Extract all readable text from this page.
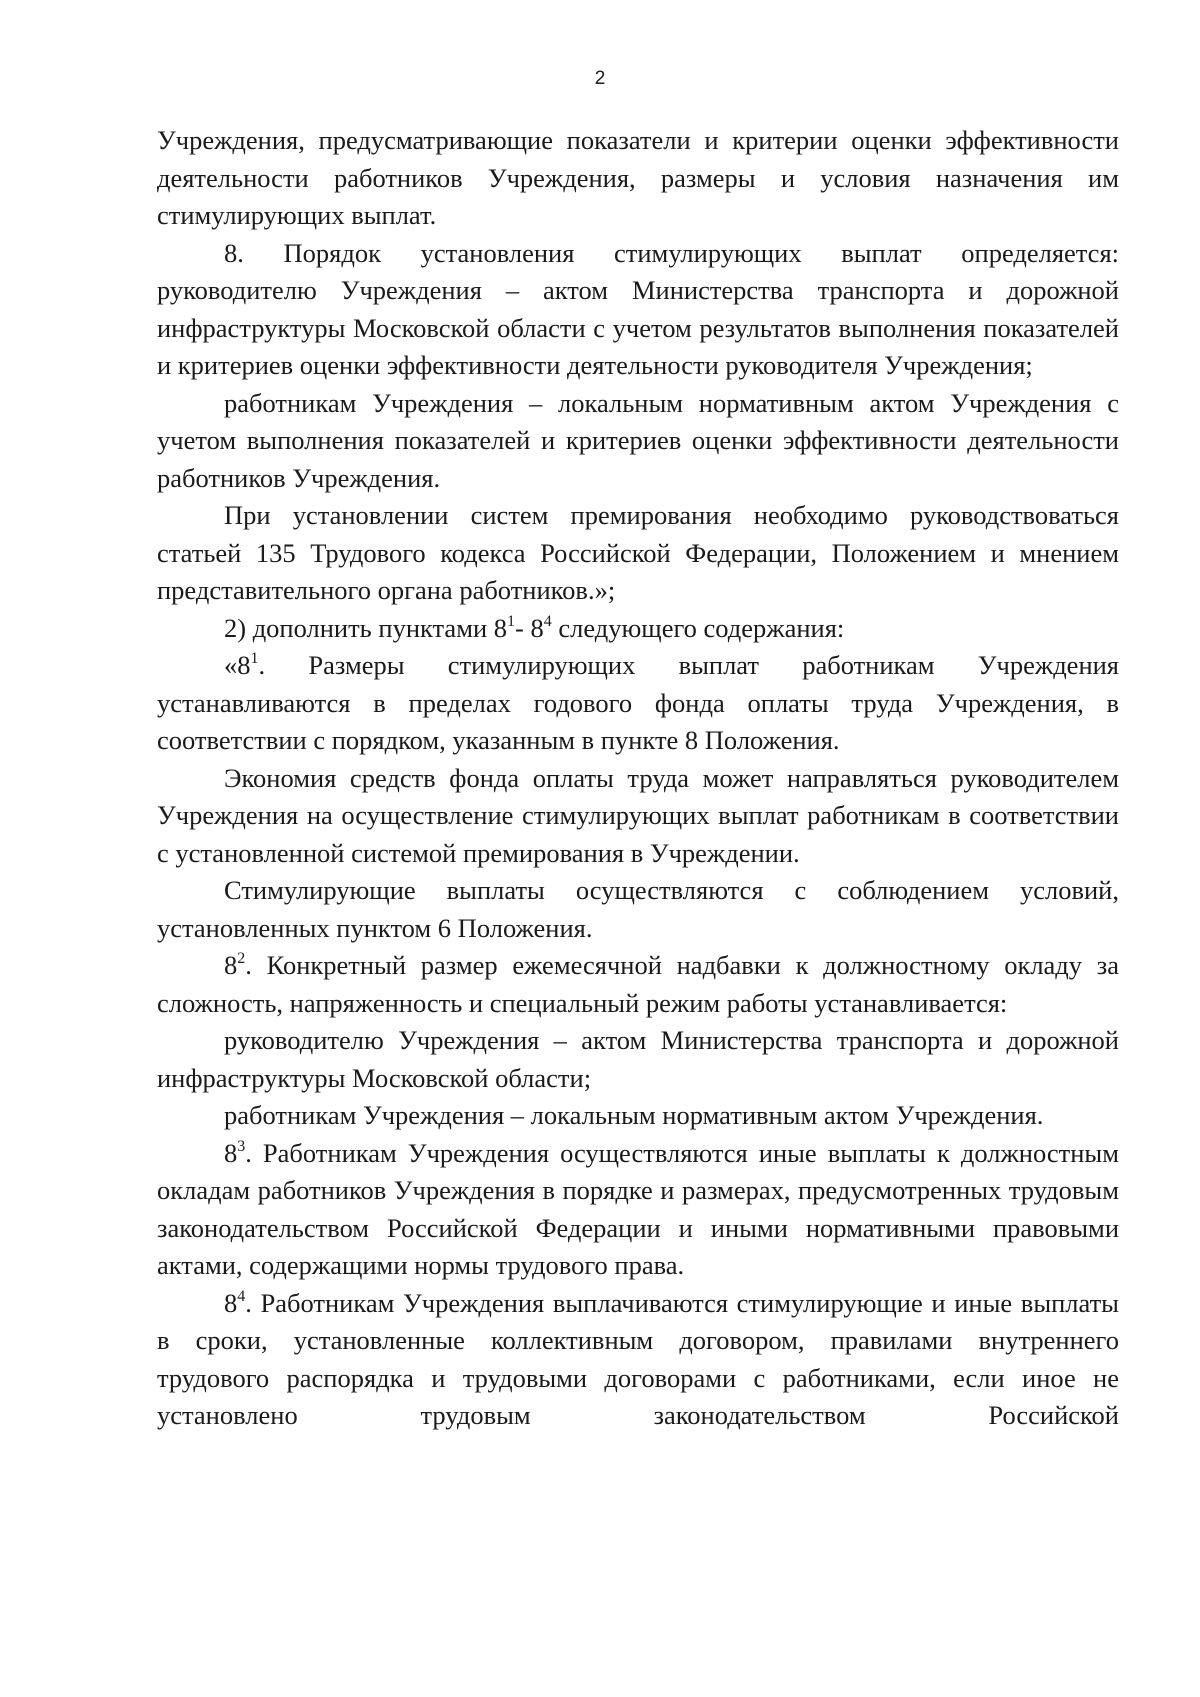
2

Учреждения, предусматривающие показатели и критерии оценки эффективности деятельности работников Учреждения, размеры и условия назначения им стимулирующих выплат.

8. Порядок установления стимулирующих выплат определяется: руководителю Учреждения – актом Министерства транспорта и дорожной инфраструктуры Московской области с учетом результатов выполнения показателей и критериев оценки эффективности деятельности руководителя Учреждения;

работникам Учреждения – локальным нормативным актом Учреждения с учетом выполнения показателей и критериев оценки эффективности деятельности работников Учреждения.

При установлении систем премирования необходимо руководствоваться статьей 135 Трудового кодекса Российской Федерации, Положением и мнением представительного органа работников.»;

2) дополнить пунктами $8^1-$ $8^4$ следующего содержания:

«$8^1$. Размеры стимулирующих выплат работникам Учреждения устанавливаются в пределах годового фонда оплаты труда Учреждения, в соответствии с порядком, указанным в пункте 8 Положения.

Экономия средств фонда оплаты труда может направляться руководителем Учреждения на осуществление стимулирующих выплат работникам в соответствии с установленной системой премирования в Учреждении.

Стимулирующие выплаты осуществляются с соблюдением условий, установленных пунктом 6 Положения.

$8^2$. Конкретный размер ежемесячной надбавки к должностному окладу за сложность, напряженность и специальный режим работы устанавливается:

руководителю Учреждения – актом Министерства транспорта и дорожной инфраструктуры Московской области;

работникам Учреждения – локальным нормативным актом Учреждения.

$8^3$. Работникам Учреждения осуществляются иные выплаты к должностным окладам работников Учреждения в порядке и размерах, предусмотренных трудовым законодательством Российской Федерации и иными нормативными правовыми актами, содержащими нормы трудового права.

$8^4$. Работникам Учреждения выплачиваются стимулирующие и иные выплаты в сроки, установленные коллективным договором, правилами внутреннего трудового распорядка и трудовыми договорами с работниками, если иное не установлено трудовым законодательством Российской
